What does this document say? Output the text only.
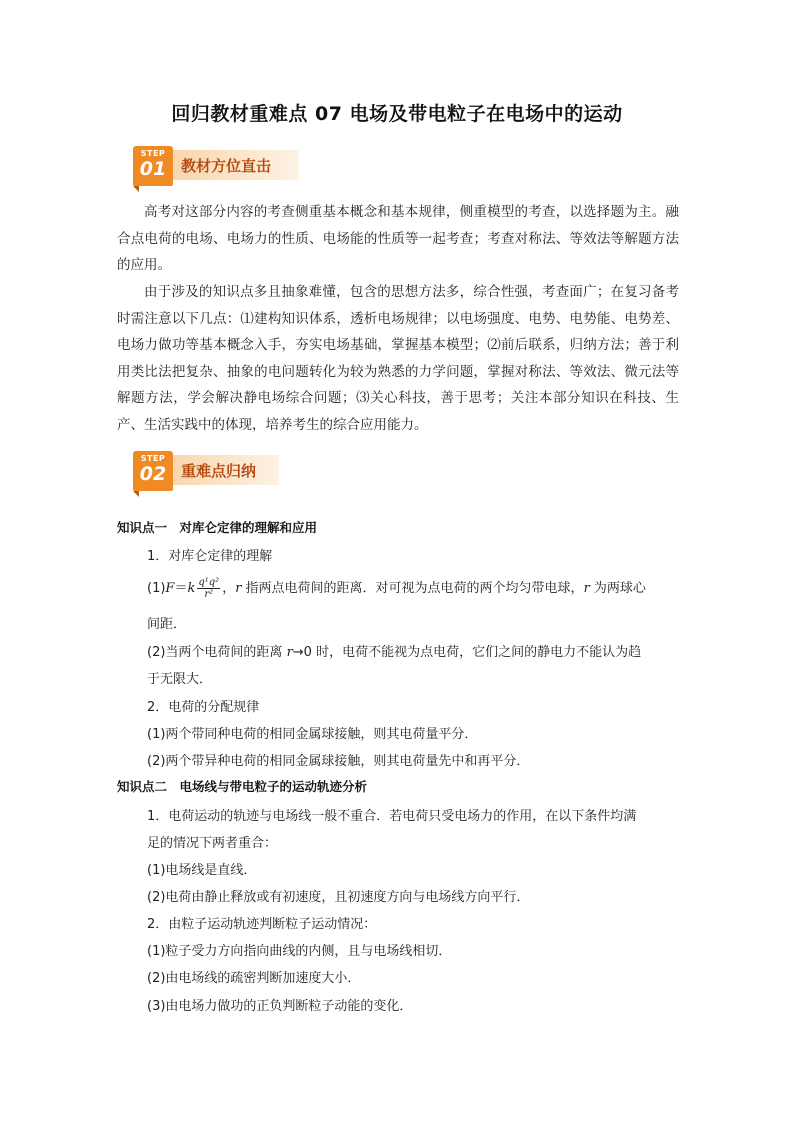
回归教材重难点 07 电场及带电粒子在电场中的运动
STEP
01 教材方位直击

高考对这部分内容的考查侧重基本概念和基本规律，侧重模型的考查，以选择题为主。融合点电荷的电场、电场力的性质、电场能的性质等一起考查；考查对称法、等效法等解题方法的应用。

由于涉及的知识点多且抽象难懂，包含的思想方法多，综合性强，考查面广；在复习备考时需注意以下几点：⑴建构知识体系，透析电场规律；以电场强度、电势、电势能、电势差、电场力做功等基本概念入手，夯实电场基础，掌握基本模型；⑵前后联系，归纳方法；善于利用类比法把复杂、抽象的电问题转化为较为熟悉的力学问题，掌握对称法、等效法、微元法等解题方法，学会解决静电场综合问题；⑶关心科技，善于思考；关注本部分知识在科技、生产、生活实践中的体现，培养考生的综合应用能力。

STEP
02 重难点归纳
知识点一　对库仑定律的理解和应用
1．对库仑定律的理解
$(1)F=k \frac{\text{q¹q²}}{\text{r²}}$ ，r 指两点电荷间的距离．对可视为点电荷的两个均匀带电球，r 为两球心
间距．
(2)当两个电荷间的距离 r→0 时，电荷不能视为点电荷，它们之间的静电力不能认为趋
于无限大．
2．电荷的分配规律
(1)两个带同种电荷的相同金属球接触，则其电荷量平分．
(2)两个带异种电荷的相同金属球接触，则其电荷量先中和再平分．
知识点二　电场线与带电粒子的运动轨迹分析
1．电荷运动的轨迹与电场线一般不重合．若电荷只受电场力的作用，在以下条件均满
足的情况下两者重合：
(1)电场线是直线．
(2)电荷由静止释放或有初速度，且初速度方向与电场线方向平行．
2．由粒子运动轨迹判断粒子运动情况：
(1)粒子受力方向指向曲线的内侧，且与电场线相切．
(2)由电场线的疏密判断加速度大小．
(3)由电场力做功的正负判断粒子动能的变化．
